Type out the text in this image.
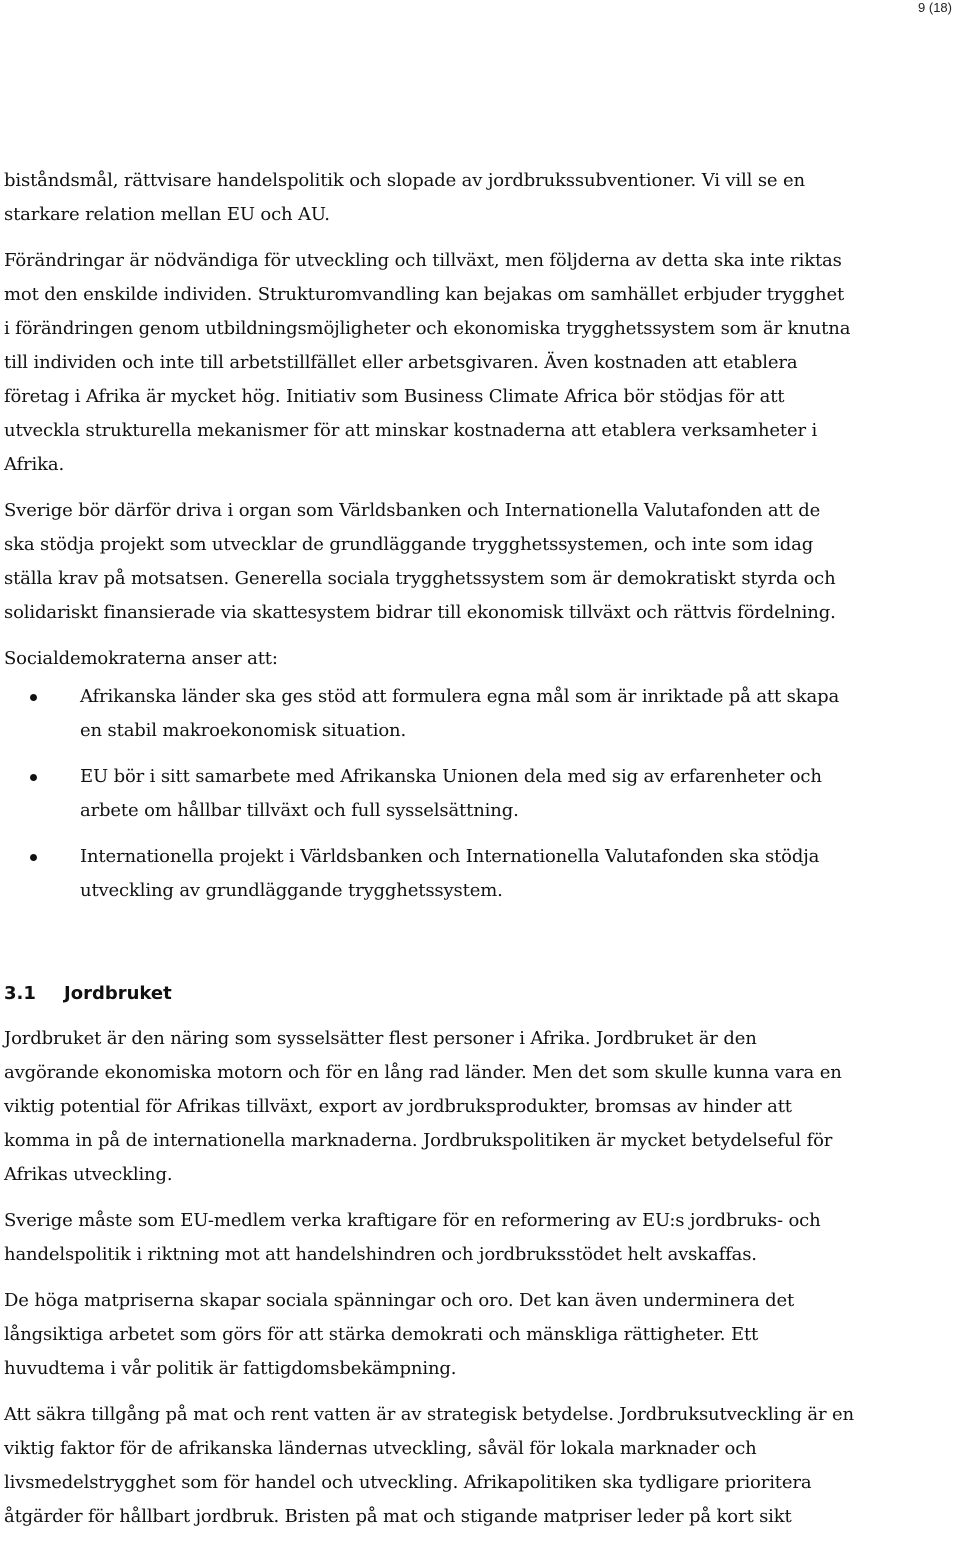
9 (18)

biståndsmål, rättvisare handelspolitik och slopade av jordbrukssubventioner. Vi vill se en starkare relation mellan EU och AU.

Förändringar är nödvändiga för utveckling och tillväxt, men följderna av detta ska inte riktas mot den enskilde individen. Strukturomvandling kan bejakas om samhället erbjuder trygghet i förändringen genom utbildningsmöjligheter och ekonomiska trygghetssystem som är knutna till individen och inte till arbetstillfället eller arbetsgivaren. Även kostnaden att etablera företag i Afrika är mycket hög. Initiativ som Business Climate Africa bör stödjas för att utveckla strukturella mekanismer för att minskar kostnaderna att etablera verksamheter i Afrika.

Sverige bör därför driva i organ som Världsbanken och Internationella Valutafonden att de ska stödja projekt som utvecklar de grundläggande trygghetssystemen, och inte som idag ställa krav på motsatsen. Generella sociala trygghetssystem som är demokratiskt styrda och solidariskt finansierade via skattesystem bidrar till ekonomisk tillväxt och rättvis fördelning.

Socialdemokraterna anser att:

Afrikanska länder ska ges stöd att formulera egna mål som är inriktade på att skapa en stabil makroekonomisk situation.
EU bör i sitt samarbete med Afrikanska Unionen dela med sig av erfarenheter och arbete om hållbar tillväxt och full sysselsättning.
Internationella projekt i Världsbanken och Internationella Valutafonden ska stödja utveckling av grundläggande trygghetssystem.
3.1	Jordbruket

Jordbruket är den näring som sysselsätter flest personer i Afrika. Jordbruket är den avgörande ekonomiska motorn och för en lång rad länder. Men det som skulle kunna vara en viktig potential för Afrikas tillväxt, export av jordbruksprodukter, bromsas av hinder att komma in på de internationella marknaderna. Jordbrukspolitiken är mycket betydelseful för Afrikas utveckling.

Sverige måste som EU-medlem verka kraftigare för en reformering av EU:s jordbruks- och handelspolitik i riktning mot att handelshindren och jordbruksstödet helt avskaffas.

De höga matpriserna skapar sociala spänningar och oro. Det kan även underminera det långsiktiga arbetet som görs för att stärka demokrati och mänskliga rättigheter. Ett huvudtema i vår politik är fattigdomsbekämpning.

Att säkra tillgång på mat och rent vatten är av strategisk betydelse. Jordbruksutveckling är en viktig faktor för de afrikanska ländernas utveckling, såväl för lokala marknader och livsmedelstrygghet som för handel och utveckling. Afrikapolitiken ska tydligare prioritera åtgärder för hållbart jordbruk. Bristen på mat och stigande matpriser leder på kort sikt
